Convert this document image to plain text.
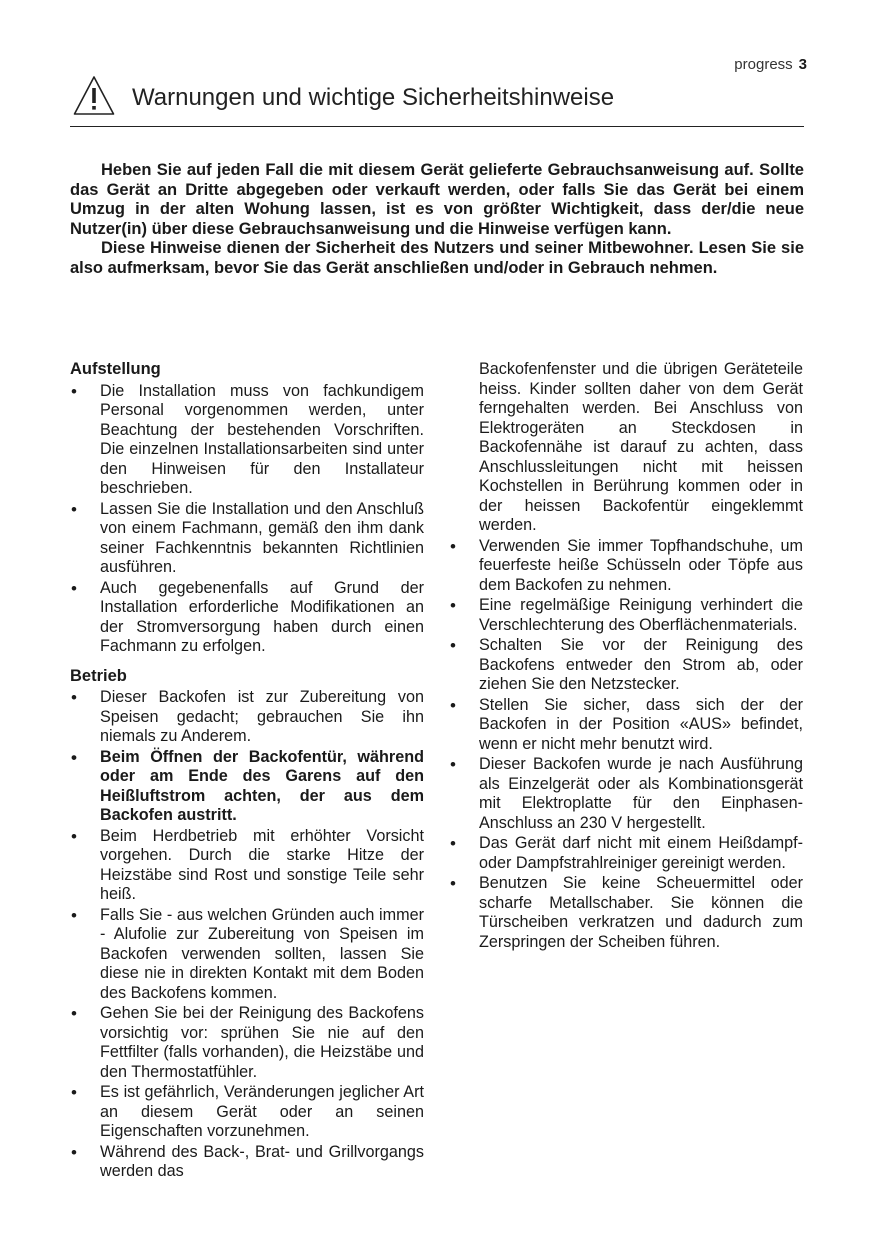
progress 3
Warnungen und wichtige Sicherheitshinweise

Heben Sie auf jeden Fall die mit diesem Gerät gelieferte Gebrauchsanweisung auf. Sollte das Gerät an Dritte abgegeben oder verkauft werden, oder falls Sie das Gerät bei einem Umzug in der alten Wohung lassen, ist es von größter Wichtigkeit, dass der/die neue Nutzer(in) über diese Gebrauchsanweisung und die Hinweise verfügen kann.

Diese Hinweise dienen der Sicherheit des Nutzers und seiner Mitbewohner. Lesen Sie sie also aufmerksam, bevor Sie das Gerät anschließen und/oder in Gebrauch nehmen.

Aufstellung
• Die Installation muss von fachkundigem Personal vorgenommen werden, unter Beachtung der bestehenden Vorschriften. Die einzelnen Installationsarbeiten sind unter den Hinweisen für den Installateur beschrieben.
• Lassen Sie die Installation und den Anschluß von einem Fachmann, gemäß den ihm dank seiner Fachkenntnis bekannten Richtlinien ausführen.
• Auch gegebenenfalls auf Grund der Installation erforderliche Modifikationen an der Stromversorgung haben durch einen Fachmann zu erfolgen.
Betrieb
• Dieser Backofen ist zur Zubereitung von Speisen gedacht; gebrauchen Sie ihn niemals zu Anderem.
• Beim Öffnen der Backofentür, während oder am Ende des Garens auf den Heißluftstrom achten, der aus dem Backofen austritt.
• Beim Herdbetrieb mit erhöhter Vorsicht vorgehen. Durch die starke Hitze der Heizstäbe sind Rost und sonstige Teile sehr heiß.
• Falls Sie - aus welchen Gründen auch immer - Alufolie zur Zubereitung von Speisen im Backofen verwenden sollten, lassen Sie diese nie in direkten Kontakt mit dem Boden des Backofens kommen.
• Gehen Sie bei der Reinigung des Backofens vorsichtig vor: sprühen Sie nie auf den Fettfilter (falls vorhanden), die Heizstäbe und den Thermostatfühler.
• Es ist gefährlich, Veränderungen jeglicher Art an diesem Gerät oder an seinen Eigenschaften vorzunehmen.
• Während des Back-, Brat- und Grillvorgangs werden das
Backofenfenster und die übrigen Geräteteile heiss. Kinder sollten daher von dem Gerät ferngehalten werden. Bei Anschluss von Elektrogeräten an Steckdosen in Backofennähe ist darauf zu achten, dass Anschlussleitungen nicht mit heissen Kochstellen in Berührung kommen oder in der heissen Backofentür eingeklemmt werden.
• Verwenden Sie immer Topfhandschuhe, um feuerfeste heiße Schüsseln oder Töpfe aus dem Backofen zu nehmen.
• Eine regelmäßige Reinigung verhindert die Verschlechterung des Oberflächenmaterials.
• Schalten Sie vor der Reinigung des Backofens entweder den Strom ab, oder ziehen Sie den Netzstecker.
• Stellen Sie sicher, dass sich der der Backofen in der Position «AUS» befindet, wenn er nicht mehr benutzt wird.
• Dieser Backofen wurde je nach Ausführung als Einzelgerät oder als Kombinationsgerät mit Elektroplatte für den Einphasen-Anschluss an 230 V hergestellt.
• Das Gerät darf nicht mit einem Heißdampf- oder Dampfstrahlreiniger gereinigt werden.
• Benutzen Sie keine Scheuermittel oder scharfe Metallschaber. Sie können die Türscheiben verkratzen und dadurch zum Zerspringen der Scheiben führen.
